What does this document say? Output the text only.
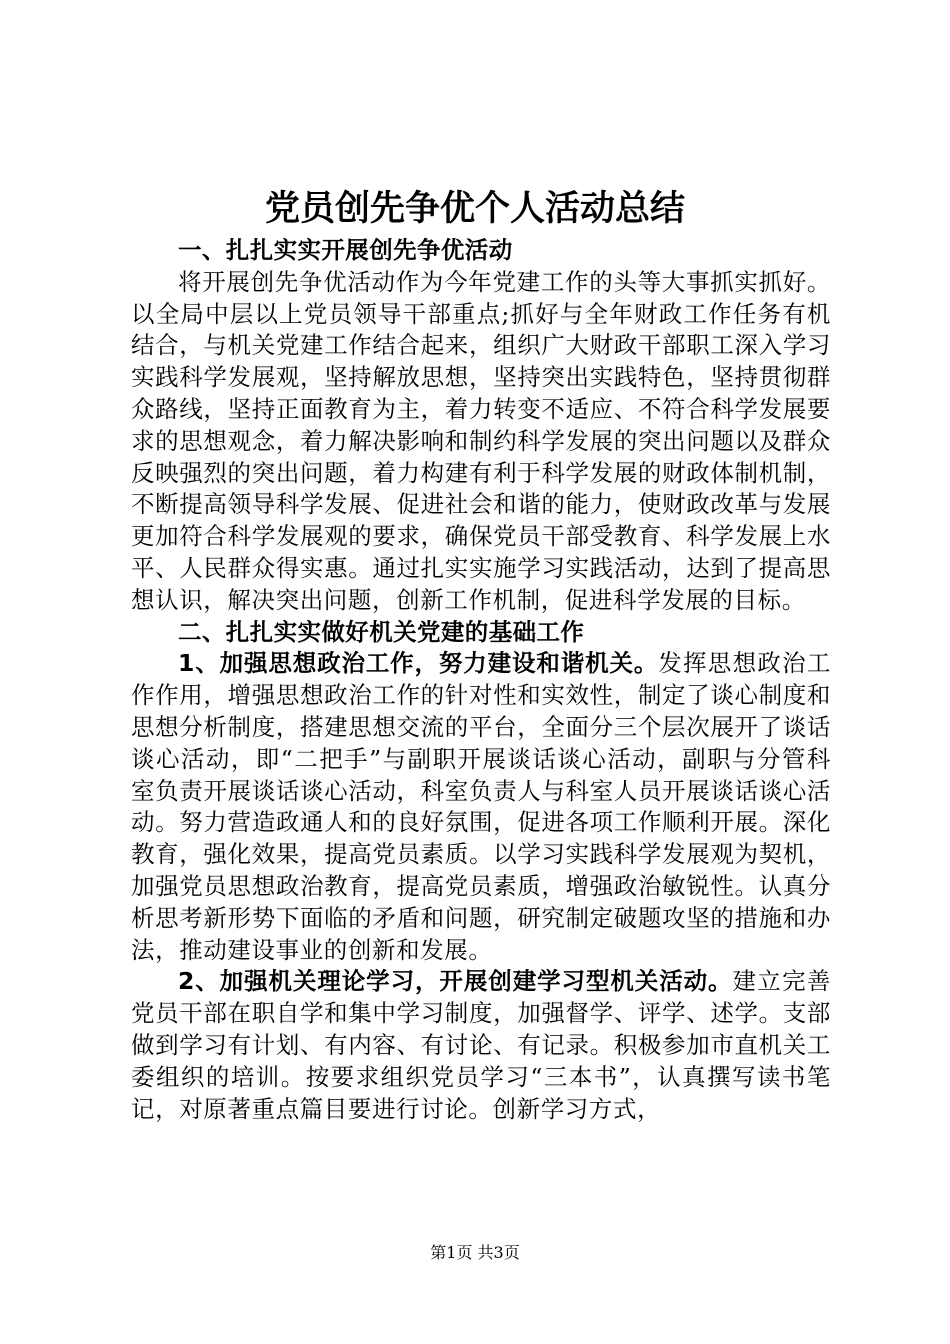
党员创先争优个人活动总结

一、扎扎实实开展创先争优活动

将开展创先争优活动作为今年党建工作的头等大事抓实抓好。以全局中层以上党员领导干部重点;抓好与全年财政工作任务有机结合，与机关党建工作结合起来，组织广大财政干部职工深入学习实践科学发展观，坚持解放思想，坚持突出实践特色，坚持贯彻群众路线，坚持正面教育为主，着力转变不适应、不符合科学发展要求的思想观念，着力解决影响和制约科学发展的突出问题以及群众反映强烈的突出问题，着力构建有利于科学发展的财政体制机制，不断提高领导科学发展、促进社会和谐的能力，使财政改革与发展更加符合科学发展观的要求，确保党员干部受教育、科学发展上水平、人民群众得实惠。通过扎实实施学习实践活动，达到了提高思想认识，解决突出问题，创新工作机制，促进科学发展的目标。

二、扎扎实实做好机关党建的基础工作

1、加强思想政治工作，努力建设和谐机关。发挥思想政治工作作用，增强思想政治工作的针对性和实效性，制定了谈心制度和思想分析制度，搭建思想交流的平台，全面分三个层次展开了谈话谈心活动，即“二把手”与副职开展谈话谈心活动，副职与分管科室负责开展谈话谈心活动，科室负责人与科室人员开展谈话谈心活动。努力营造政通人和的良好氛围，促进各项工作顺利开展。深化教育，强化效果，提高党员素质。以学习实践科学发展观为契机，加强党员思想政治教育，提高党员素质，增强政治敏锐性。认真分析思考新形势下面临的矛盾和问题，研究制定破题攻坚的措施和办法，推动建设事业的创新和发展。

2、加强机关理论学习，开展创建学习型机关活动。建立完善党员干部在职自学和集中学习制度，加强督学、评学、述学。支部做到学习有计划、有内容、有讨论、有记录。积极参加市直机关工委组织的培训。按要求组织党员学习“三本书”，认真撰写读书笔记，对原著重点篇目要进行讨论。创新学习方式，

第1页 共3页
